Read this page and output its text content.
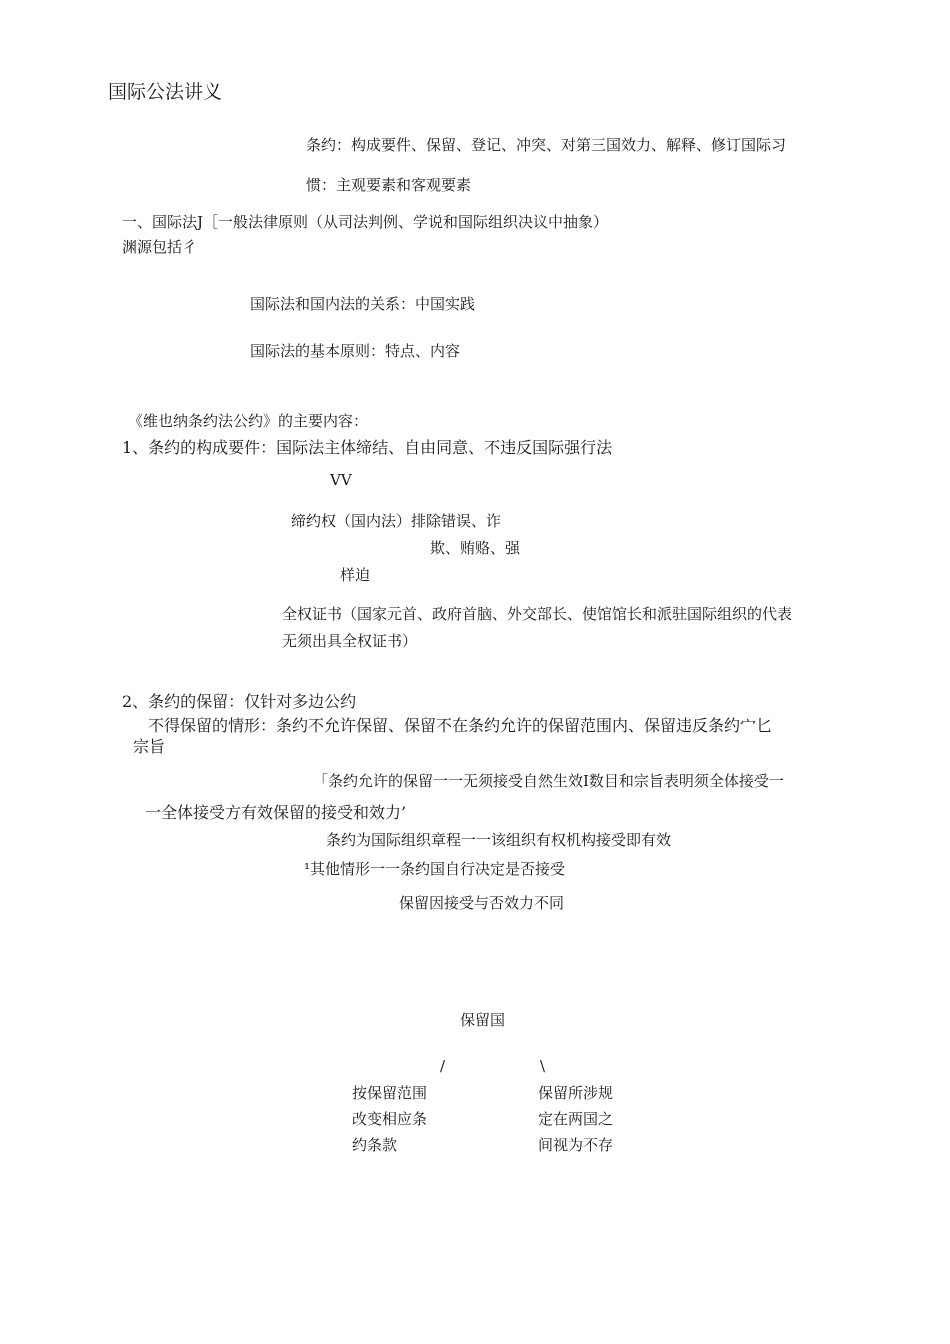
国际公法讲义

条约：构成要件、保留、登记、冲突、对第三国效力、解释、修订国际习

惯：主观要素和客观要素

一、国际法J［一般法律原则（从司法判例、学说和国际组织决议中抽象）

渊源包括彳

国际法和国内法的关系：中国实践

国际法的基本原则：特点、内容

《维也纳条约法公约》的主要内容：

1、条约的构成要件：国际法主体缔结、自由同意、不违反国际强行法

VV

缔约权（国内法）排除错误、诈

欺、贿赂、强

样迫

全权证书（国家元首、政府首脑、外交部长、使馆馆长和派驻国际组织的代表

无须出具全权证书）

2、条约的保留：仅针对多边公约

不得保留的情形：条约不允许保留、保留不在条约允许的保留范围内、保留违反条约宀匕

宗旨

「条约允许的保留一一无须接受自然生效I数目和宗旨表明须全体接受一

一全体接受方有效保留的接受和效力’

条约为国际组织章程一一该组织有权机构接受即有效

¹其他情形一一条约国自行决定是否接受

保留因接受与否效力不同

保留国

/	\

按保留范围

改变相应条

约条款

保留所涉规

定在两国之

间视为不存
